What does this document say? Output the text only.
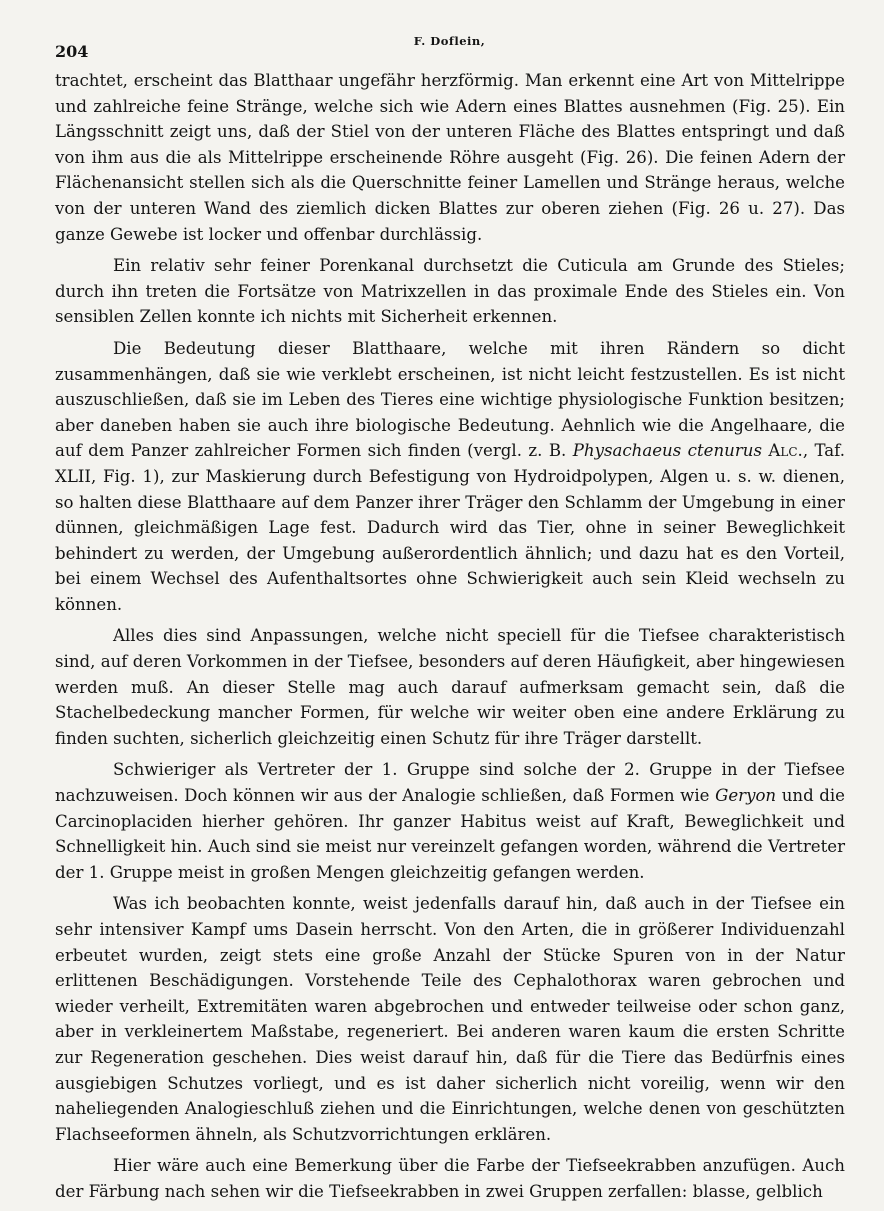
204
F. Doflein,

trachtet, erscheint das Blatthaar ungefähr herzförmig. Man erkennt eine Art von Mittelrippe und zahlreiche feine Stränge, welche sich wie Adern eines Blattes ausnehmen (Fig. 25). Ein Längsschnitt zeigt uns, daß der Stiel von der unteren Fläche des Blattes entspringt und daß von ihm aus die als Mittelrippe erscheinende Röhre ausgeht (Fig. 26). Die feinen Adern der Flächenansicht stellen sich als die Querschnitte feiner Lamellen und Stränge heraus, welche von der unteren Wand des ziemlich dicken Blattes zur oberen ziehen (Fig. 26 u. 27). Das ganze Gewebe ist locker und offenbar durchlässig.

Ein relativ sehr feiner Porenkanal durchsetzt die Cuticula am Grunde des Stieles; durch ihn treten die Fortsätze von Matrixzellen in das proximale Ende des Stieles ein. Von sensiblen Zellen konnte ich nichts mit Sicherheit erkennen.

Die Bedeutung dieser Blatthaare, welche mit ihren Rändern so dicht zusammenhängen, daß sie wie verklebt erscheinen, ist nicht leicht festzustellen. Es ist nicht auszuschließen, daß sie im Leben des Tieres eine wichtige physiologische Funktion besitzen; aber daneben haben sie auch ihre biologische Bedeutung. Aehnlich wie die Angelhaare, die auf dem Panzer zahlreicher Formen sich finden (vergl. z. B. Physachaeus ctenurus Alc., Taf. XLII, Fig. 1), zur Maskierung durch Befestigung von Hydroidpolypen, Algen u. s. w. dienen, so halten diese Blatthaare auf dem Panzer ihrer Träger den Schlamm der Umgebung in einer dünnen, gleichmäßigen Lage fest. Dadurch wird das Tier, ohne in seiner Beweglichkeit behindert zu werden, der Umgebung außerordentlich ähnlich; und dazu hat es den Vorteil, bei einem Wechsel des Aufenthaltsortes ohne Schwierigkeit auch sein Kleid wechseln zu können.

Alles dies sind Anpassungen, welche nicht speciell für die Tiefsee charakteristisch sind, auf deren Vorkommen in der Tiefsee, besonders auf deren Häufigkeit, aber hingewiesen werden muß. An dieser Stelle mag auch darauf aufmerksam gemacht sein, daß die Stachelbedeckung mancher Formen, für welche wir weiter oben eine andere Erklärung zu finden suchten, sicherlich gleichzeitig einen Schutz für ihre Träger darstellt.

Schwieriger als Vertreter der 1. Gruppe sind solche der 2. Gruppe in der Tiefsee nachzuweisen. Doch können wir aus der Analogie schließen, daß Formen wie Geryon und die Carcinoplaciden hierher gehören. Ihr ganzer Habitus weist auf Kraft, Beweglichkeit und Schnelligkeit hin. Auch sind sie meist nur vereinzelt gefangen worden, während die Vertreter der 1. Gruppe meist in großen Mengen gleichzeitig gefangen werden.

Was ich beobachten konnte, weist jedenfalls darauf hin, daß auch in der Tiefsee ein sehr intensiver Kampf ums Dasein herrscht. Von den Arten, die in größerer Individuenzahl erbeutet wurden, zeigt stets eine große Anzahl der Stücke Spuren von in der Natur erlittenen Beschädigungen. Vorstehende Teile des Cephalothorax waren gebrochen und wieder verheilt, Extremitäten waren abgebrochen und entweder teilweise oder schon ganz, aber in verkleinertem Maßstabe, regeneriert. Bei anderen waren kaum die ersten Schritte zur Regeneration geschehen. Dies weist darauf hin, daß für die Tiere das Bedürfnis eines ausgiebigen Schutzes vorliegt, und es ist daher sicherlich nicht voreilig, wenn wir den naheliegenden Analogieschluß ziehen und die Einrichtungen, welche denen von geschützten Flachseeformen ähneln, als Schutzvorrichtungen erklären.

Hier wäre auch eine Bemerkung über die Farbe der Tiefseekrabben anzufügen. Auch der Färbung nach sehen wir die Tiefseekrabben in zwei Gruppen zerfallen: blasse, gelblich
